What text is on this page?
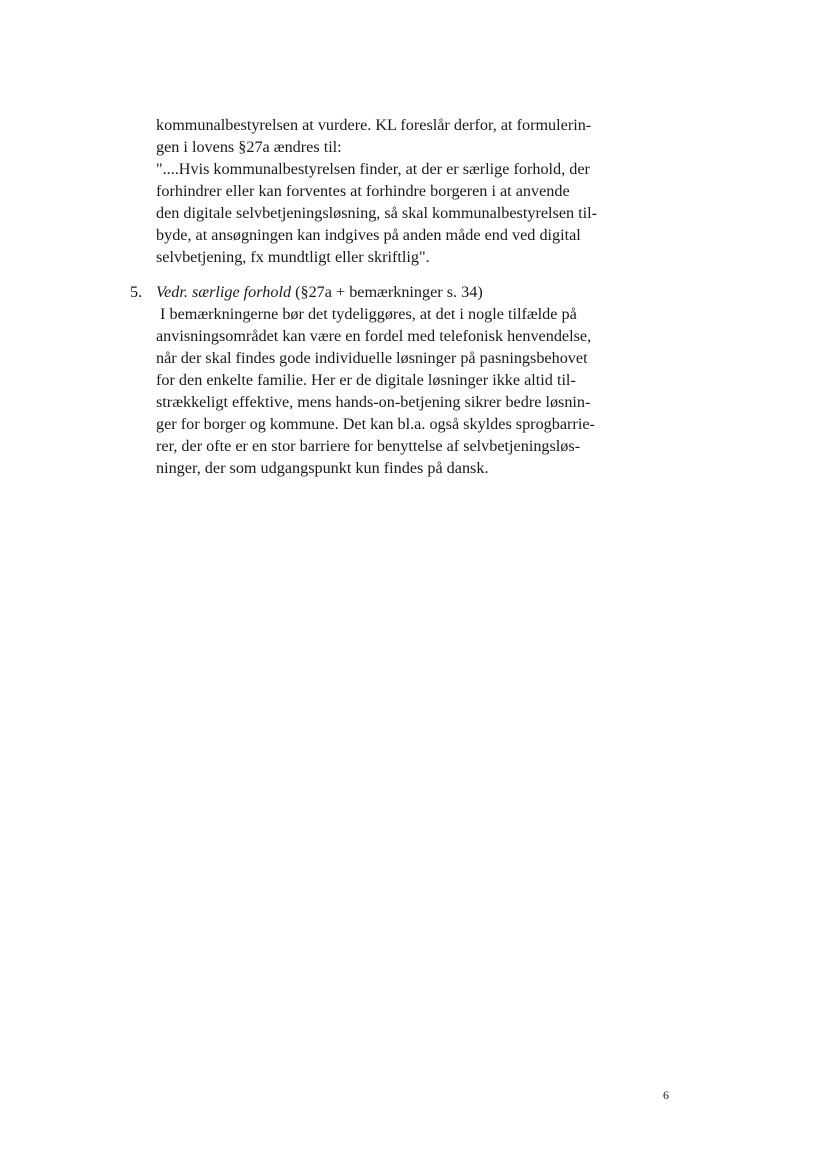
kommunalbestyrelsen at vurdere. KL foreslår derfor, at formulerin-
gen i lovens §27a ændres til:
"....Hvis kommunalbestyrelsen finder, at der er særlige forhold, der
forhindrer eller kan forventes at forhindre borgeren i at anvende
den digitale selvbetjeningsløsning, så skal kommunalbestyrelsen til-
byde, at ansøgningen kan indgives på anden måde end ved digital
selvbetjening, fx mundtligt eller skriftlig".
5. Vedr. særlige forhold (§27a + bemærkninger s. 34)
I bemærkningerne bør det tydeliggøres, at det i nogle tilfælde på
anvisningsområdet kan være en fordel med telefonisk henvendelse,
når der skal findes gode individuelle løsninger på pasningsbehovet
for den enkelte familie. Her er de digitale løsninger ikke altid til-
strækkeligt effektive, mens hands-on-betjening sikrer bedre løsnin-
ger for borger og kommune. Det kan bl.a. også skyldes sprogbarrie-
rer, der ofte er en stor barriere for benyttelse af selvbetjeningsløs-
ninger, der som udgangspunkt kun findes på dansk.
6
